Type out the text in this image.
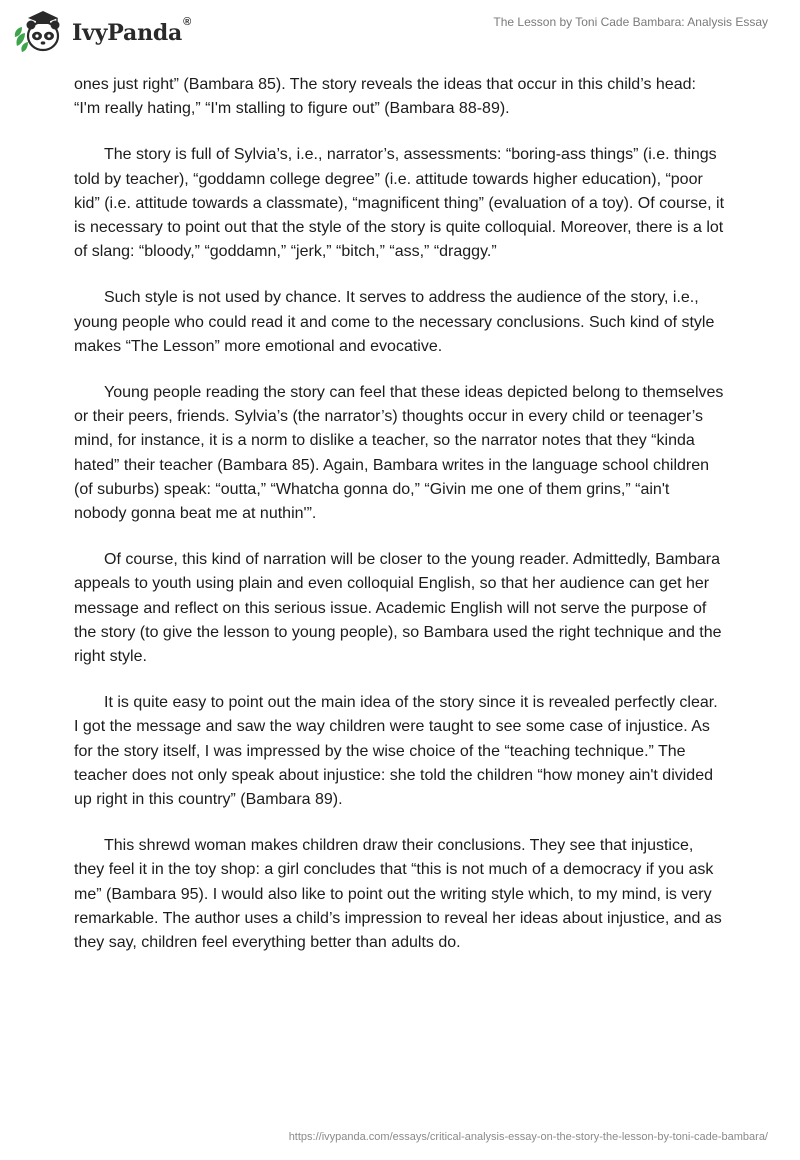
IvyPanda®	The Lesson by Toni Cade Bambara: Analysis Essay

ones just right” (Bambara 85). The story reveals the ideas that occur in this child’s head: “I'm really hating,” “I'm stalling to figure out” (Bambara 88-89).

The story is full of Sylvia’s, i.e., narrator’s, assessments: “boring-ass things” (i.e. things told by teacher), “goddamn college degree” (i.e. attitude towards higher education), “poor kid” (i.e. attitude towards a classmate), “magnificent thing” (evaluation of a toy). Of course, it is necessary to point out that the style of the story is quite colloquial. Moreover, there is a lot of slang: “bloody,” “goddamn,” “jerk,” “bitch,” “ass,” “draggy.”

Such style is not used by chance. It serves to address the audience of the story, i.e., young people who could read it and come to the necessary conclusions. Such kind of style makes “The Lesson” more emotional and evocative.

Young people reading the story can feel that these ideas depicted belong to themselves or their peers, friends. Sylvia’s (the narrator’s) thoughts occur in every child or teenager’s mind, for instance, it is a norm to dislike a teacher, so the narrator notes that they “kinda hated” their teacher (Bambara 85). Again, Bambara writes in the language school children (of suburbs) speak: “outta,” “Whatcha gonna do,” “Givin me one of them grins,” “ain't nobody gonna beat me at nuthin'”.

Of course, this kind of narration will be closer to the young reader. Admittedly, Bambara appeals to youth using plain and even colloquial English, so that her audience can get her message and reflect on this serious issue. Academic English will not serve the purpose of the story (to give the lesson to young people), so Bambara used the right technique and the right style.

It is quite easy to point out the main idea of the story since it is revealed perfectly clear. I got the message and saw the way children were taught to see some case of injustice. As for the story itself, I was impressed by the wise choice of the “teaching technique.” The teacher does not only speak about injustice: she told the children “how money ain't divided up right in this country” (Bambara 89).

This shrewd woman makes children draw their conclusions. They see that injustice, they feel it in the toy shop: a girl concludes that “this is not much of a democracy if you ask me” (Bambara 95). I would also like to point out the writing style which, to my mind, is very remarkable. The author uses a child’s impression to reveal her ideas about injustice, and as they say, children feel everything better than adults do.

https://ivypanda.com/essays/critical-analysis-essay-on-the-story-the-lesson-by-toni-cade-bambara/
